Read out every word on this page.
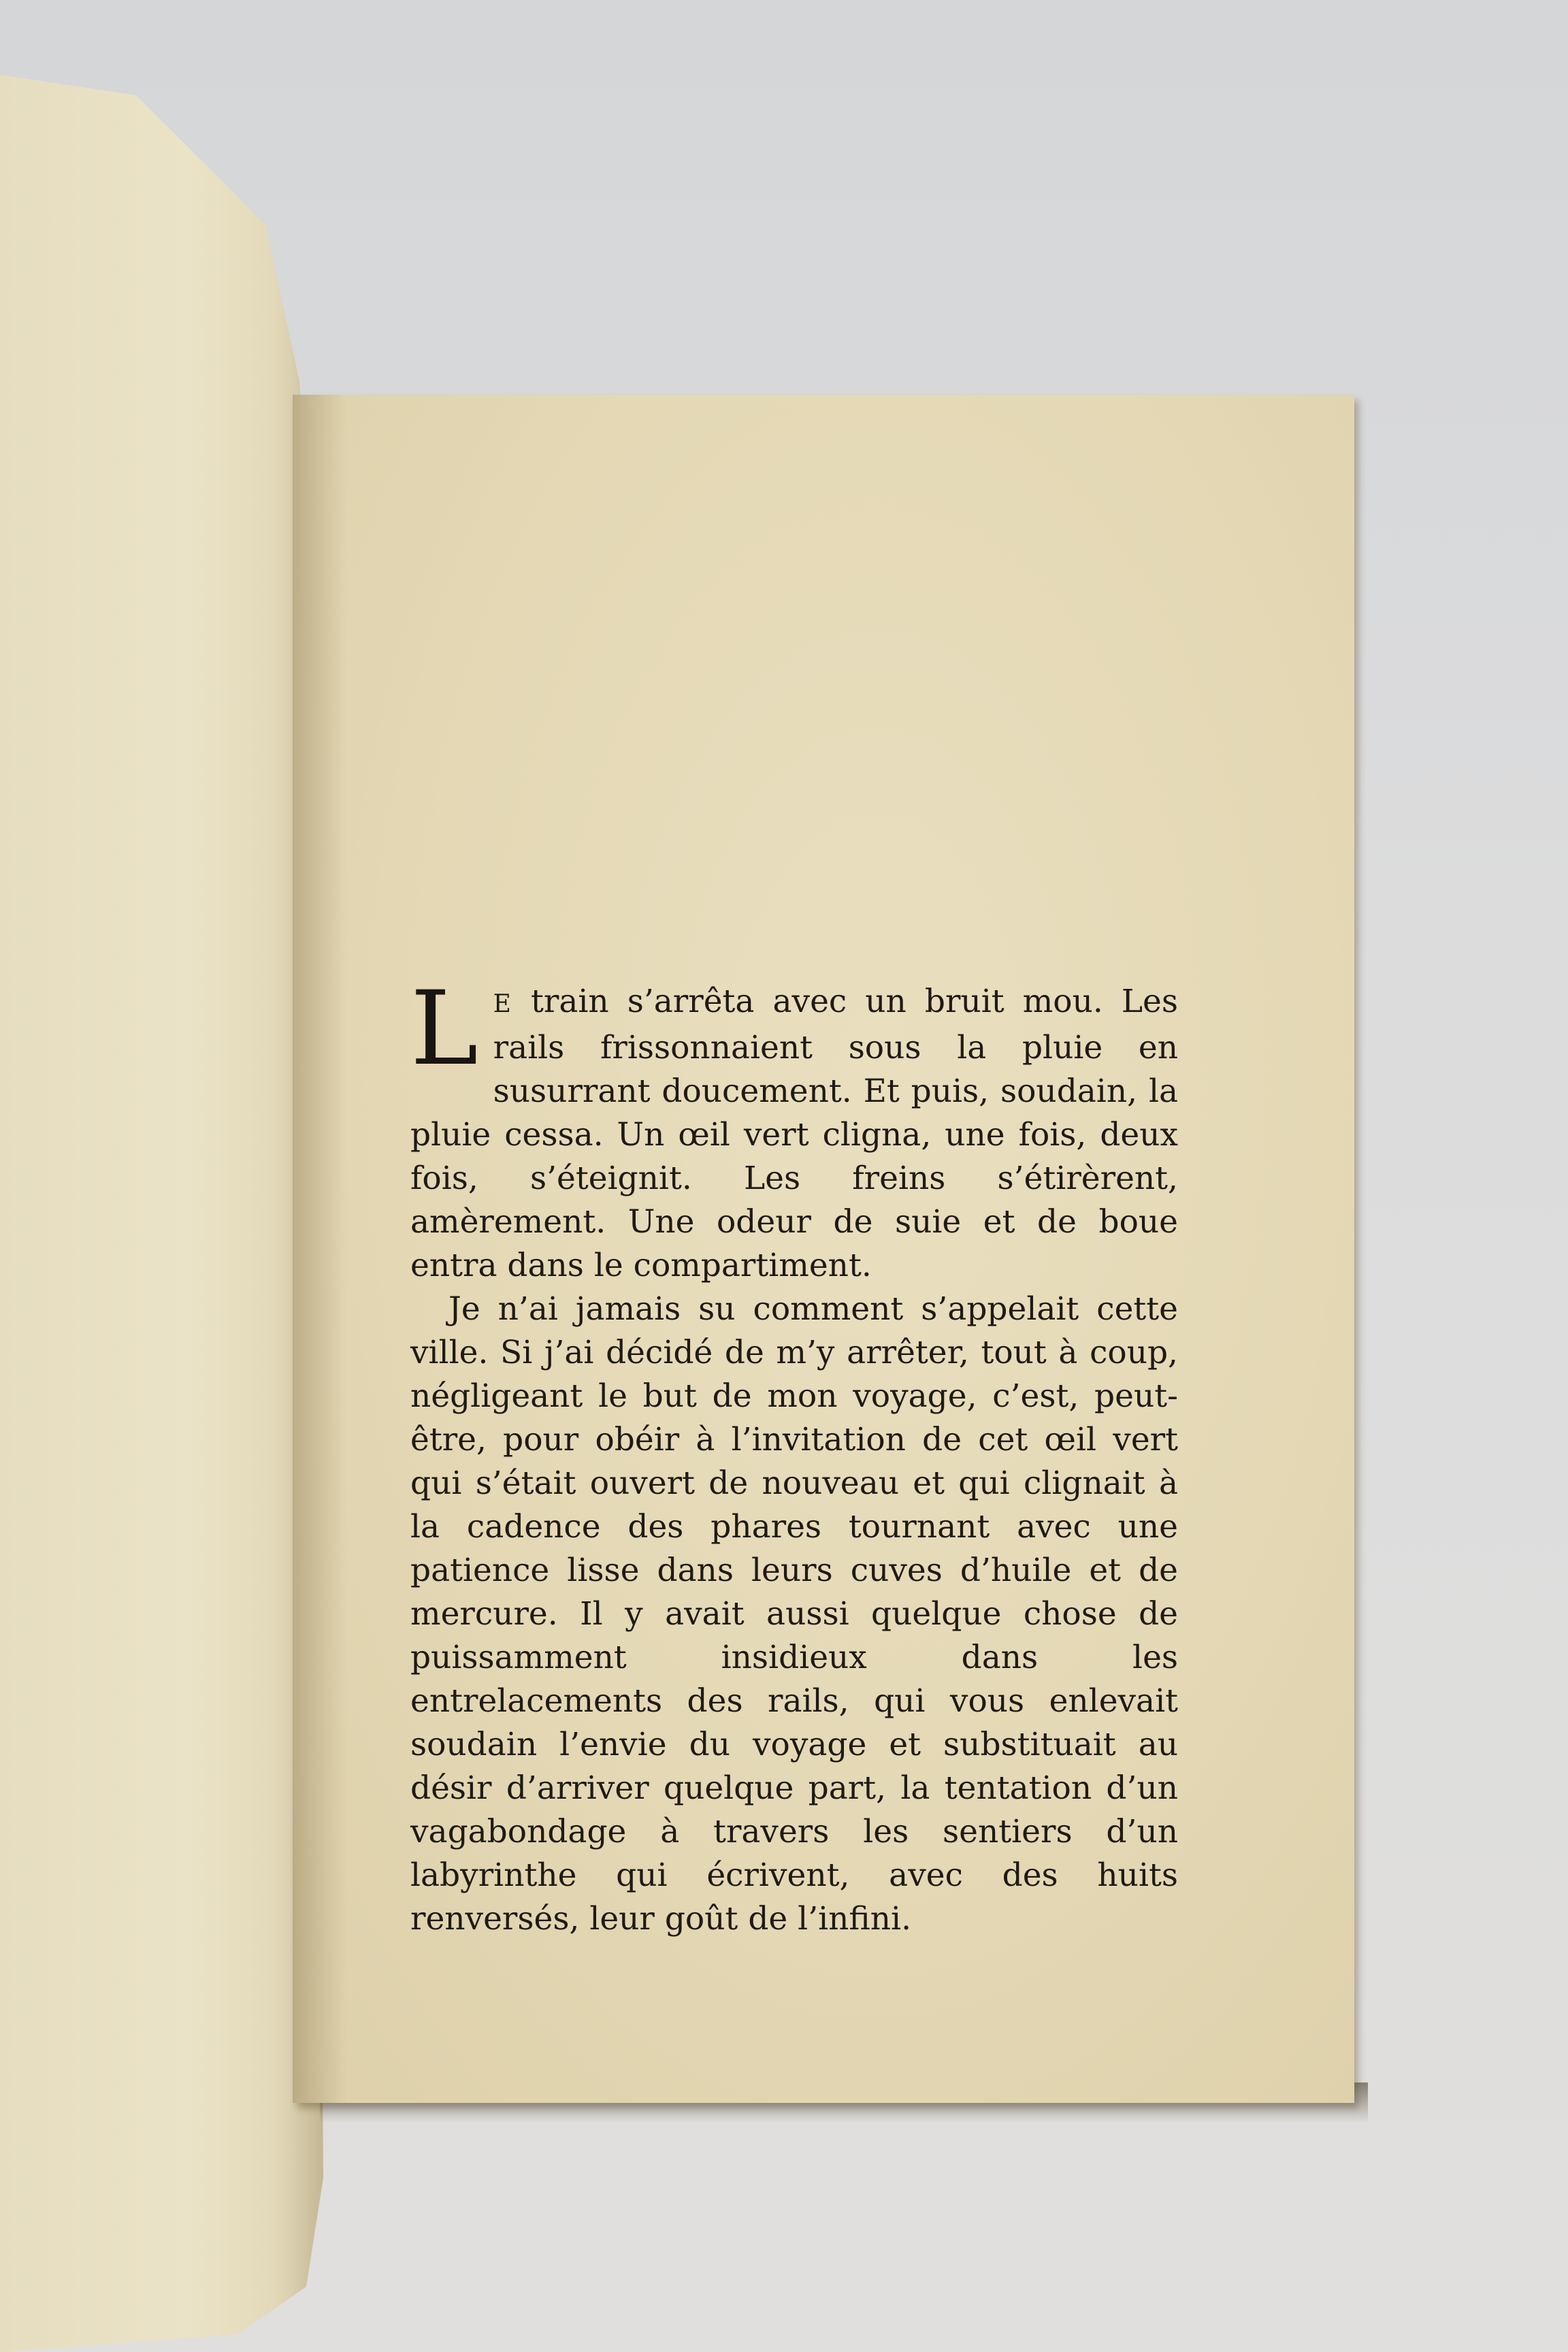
L E train s’arrêta avec un bruit mou. Les rails frissonnaient sous la pluie en susurrant doucement. Et puis, soudain, la pluie cessa. Un œil vert cligna, une fois, deux fois, s’éteignit. Les freins s’étirèrent, amèrement. Une odeur de suie et de boue entra dans le compartiment.

Je n’ai jamais su comment s’appelait cette ville. Si j’ai décidé de m’y arrêter, tout à coup, négligeant le but de mon voyage, c’est, peut-être, pour obéir à l’invitation de cet œil vert qui s’était ouvert de nouveau et qui clignait à la cadence des phares tournant avec une patience lisse dans leurs cuves d’huile et de mercure. Il y avait aussi quelque chose de puissamment insidieux dans les entrelacements des rails, qui vous enlevait soudain l’envie du voyage et substituait au désir d’arriver quelque part, la tentation d’un vagabondage à travers les sentiers d’un labyrinthe qui écrivent, avec des huits renversés, leur goût de l’infini.
